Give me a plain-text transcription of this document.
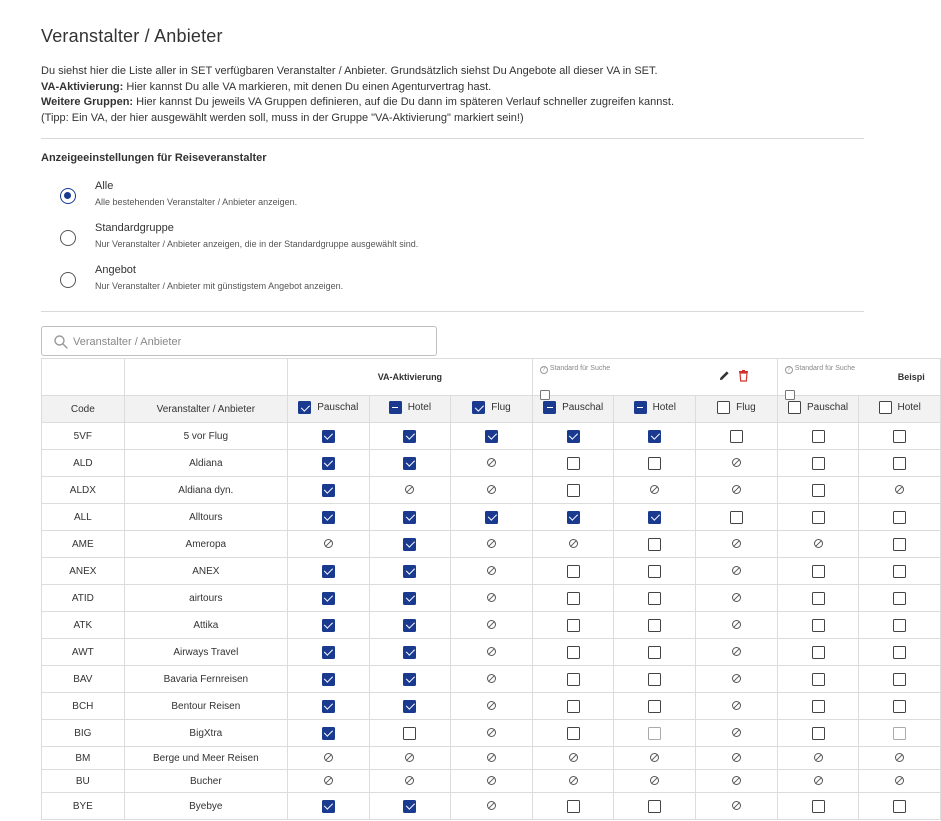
Veranstalter / Anbieter
Du siehst hier die Liste aller in SET verfügbaren Veranstalter / Anbieter. Grundsätzlich siehst Du Angebote all dieser VA in SET.
VA-Aktivierung: Hier kannst Du alle VA markieren, mit denen Du einen Agenturvertrag hast.
Weitere Gruppen: Hier kannst Du jeweils VA Gruppen definieren, auf die Du dann im späteren Verlauf schneller zugreifen kannst.
(Tipp: Ein VA, der hier ausgewählt werden soll, muss in der Gruppe "VA-Aktivierung" markiert sein!)
Anzeigeeinstellungen für Reiseveranstalter
Alle
Alle bestehenden Veranstalter / Anbieter anzeigen.
Standardgruppe
Nur Veranstalter / Anbieter anzeigen, die in der Standardgruppe ausgewählt sind.
Angebot
Nur Veranstalter / Anbieter mit günstigstem Angebot anzeigen.
Veranstalter / Anbieter
		VA-Aktivierung			? Standard für Suche			? Standard für Suche
Beispi	

Code	Veranstalter / Anbieter	Pauschal	Hotel	Flug	Pauschal	Hotel	Flug	Pauschal	Hotel

5VF	5 vor Flug								
ALD	Aldiana								
ALDX	Aldiana dyn.								
ALL	Alltours								
AME	Ameropa								
ANEX	ANEX								
ATID	airtours								
ATK	Attika								
AWT	Airways Travel								
BAV	Bavaria Fernreisen								
BCH	Bentour Reisen								
BIG	BigXtra								
BM	Berge und Meer Reisen								
BU	Bucher								
BYE	Byebye								
